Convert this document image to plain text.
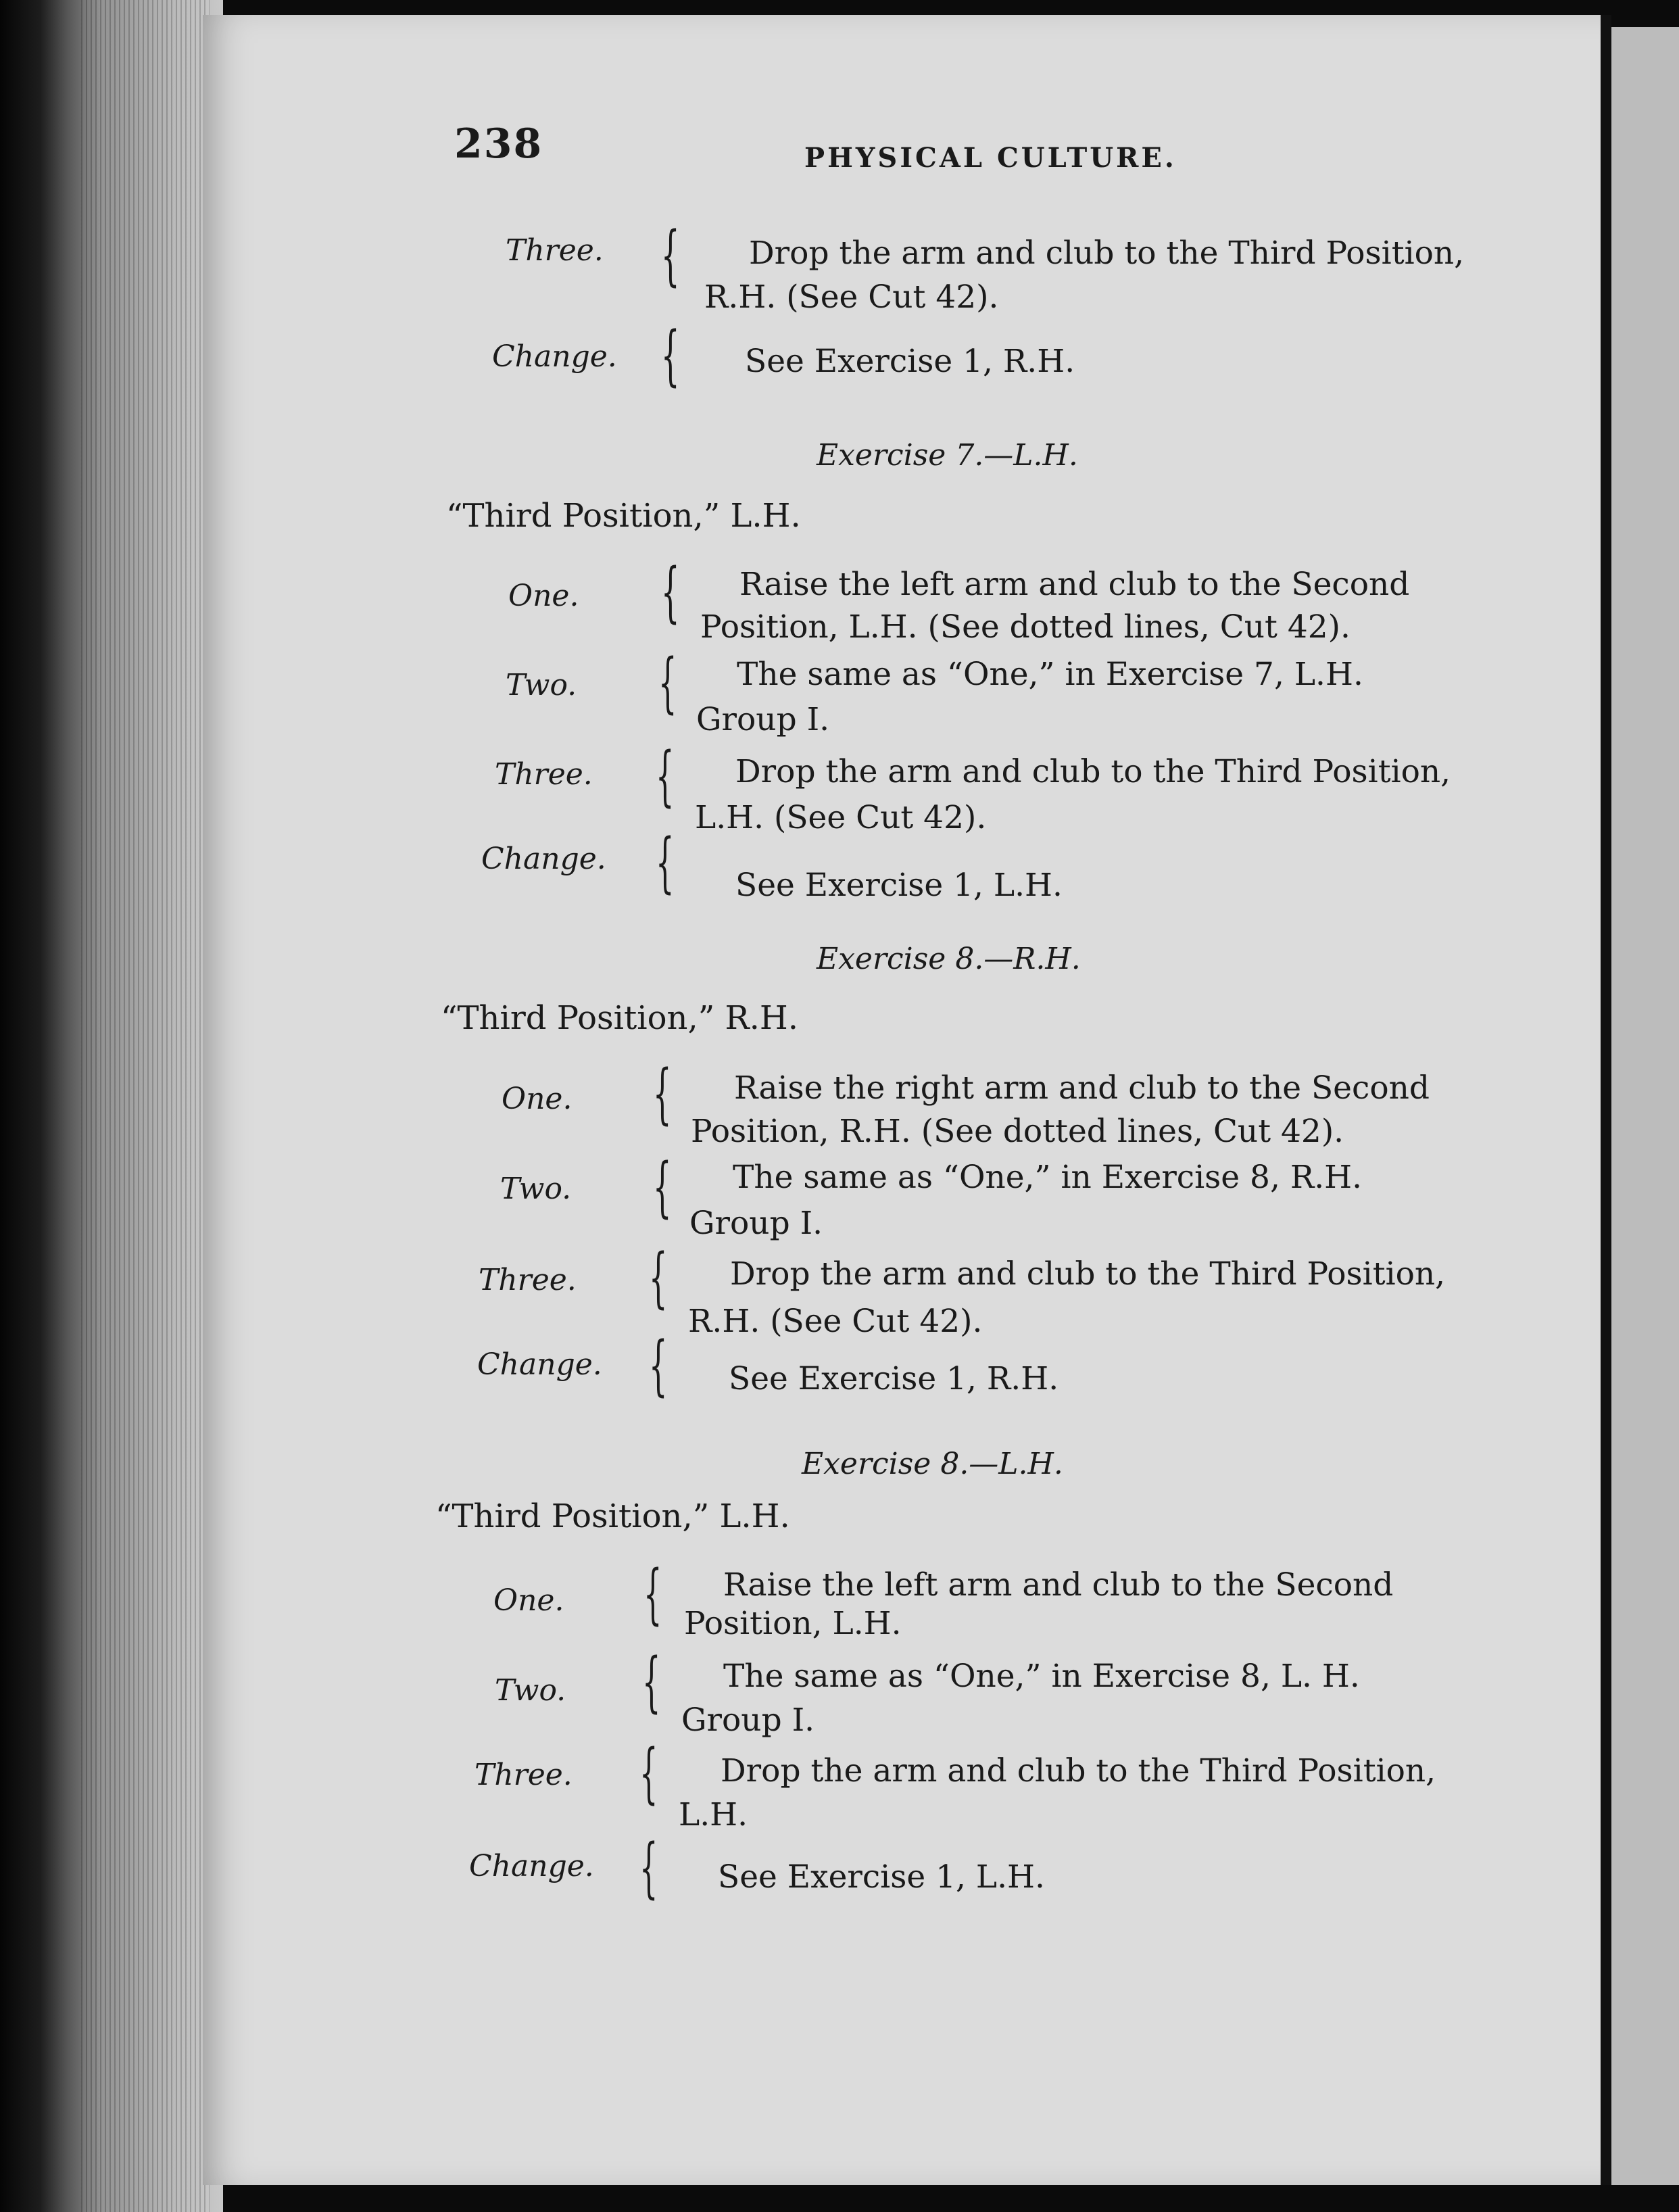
238	PHYSICAL CULTURE.
Three. { Drop the arm and club to the Third Position,
R.H. (See Cut 42).
Change. { See Exercise 1, R.H.
Exercise 7.—L.H.
“Third Position,” L.H.
One. { Raise the left arm and club to the Second
Position, L.H. (See dotted lines, Cut 42).
Two. { The same as “One,” in Exercise 7, L.H.
Group I.
Three. { Drop the arm and club to the Third Position,
L.H. (See Cut 42).
Change. { See Exercise 1, L.H.
Exercise 8.—R.H.
“Third Position,” R.H.
One. { Raise the right arm and club to the Second
Position, R.H. (See dotted lines, Cut 42).
Two. { The same as “One,” in Exercise 8, R.H.
Group I.
Three. { Drop the arm and club to the Third Position,
R.H. (See Cut 42).
Change. { See Exercise 1, R.H.
Exercise 8.—L.H.
“Third Position,” L.H.
One. { Raise the left arm and club to the Second
Position, L.H.
Two. { The same as “One,” in Exercise 8, L. H.
Group I.
Three. { Drop the arm and club to the Third Position,
L.H.
Change. { See Exercise 1, L.H.
